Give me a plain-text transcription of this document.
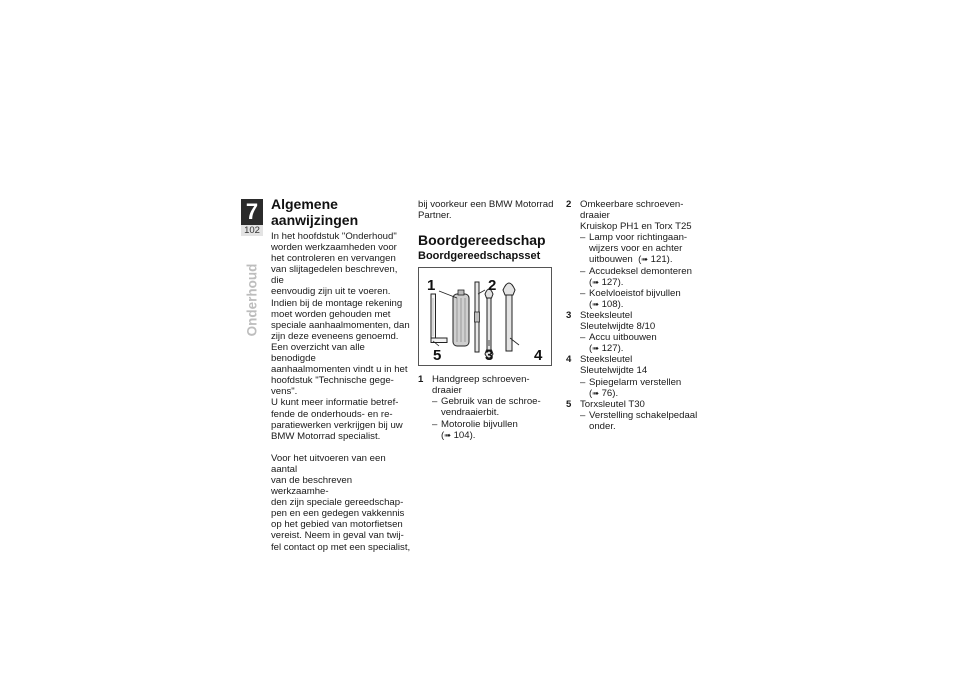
7
102
Onderhoud
Algemene aanwijzingen

In het hoofdstuk "Onderhoud"
worden werkzaamheden voor
het controleren en vervangen
van slijtagedelen beschreven, die
eenvoudig zijn uit te voeren.
Indien bij de montage rekening
moet worden gehouden met
speciale aanhaalmomenten, dan
zijn deze eveneens genoemd.
Een overzicht van alle benodigde
aanhaalmomenten vindt u in het
hoofdstuk "Technische gege-
vens".
U kunt meer informatie betref-
fende de onderhouds- en re-
paratiewerken verkrijgen bij uw
BMW Motorrad specialist.

Voor het uitvoeren van een aantal
van de beschreven werkzaamhe-
den zijn speciale gereedschap-
pen en een gedegen vakkennis
op het gebied van motorfietsen
vereist. Neem in geval van twij-
fel contact op met een specialist,

bij voorkeur een BMW Motorrad
Partner.

Boordgereedschap
Boordgereedschapsset
1	2
5	3	4
1 Handgreep schroeven-
draaier
– Gebruik van de schroe-
vendraaierbit.
– Motorolie bijvullen
(➠ 104).
2 Omkeerbare schroeven-
draaier
Kruiskop PH1 en Torx T25
– Lamp voor richtingaan-
wijzers voor en achter
uitbouwen (➠ 121).
– Accudeksel demonteren
(➠ 127).
– Koelvloeistof bijvullen
(➠ 108).
3 Steeksleutel
Sleutelwijdte 8/10
– Accu uitbouwen
(➠ 127).
4 Steeksleutel
Sleutelwijdte 14
– Spiegelarm verstellen
(➠ 76).
5 Torxsleutel T30
– Verstelling schakelpedaal
onder.
